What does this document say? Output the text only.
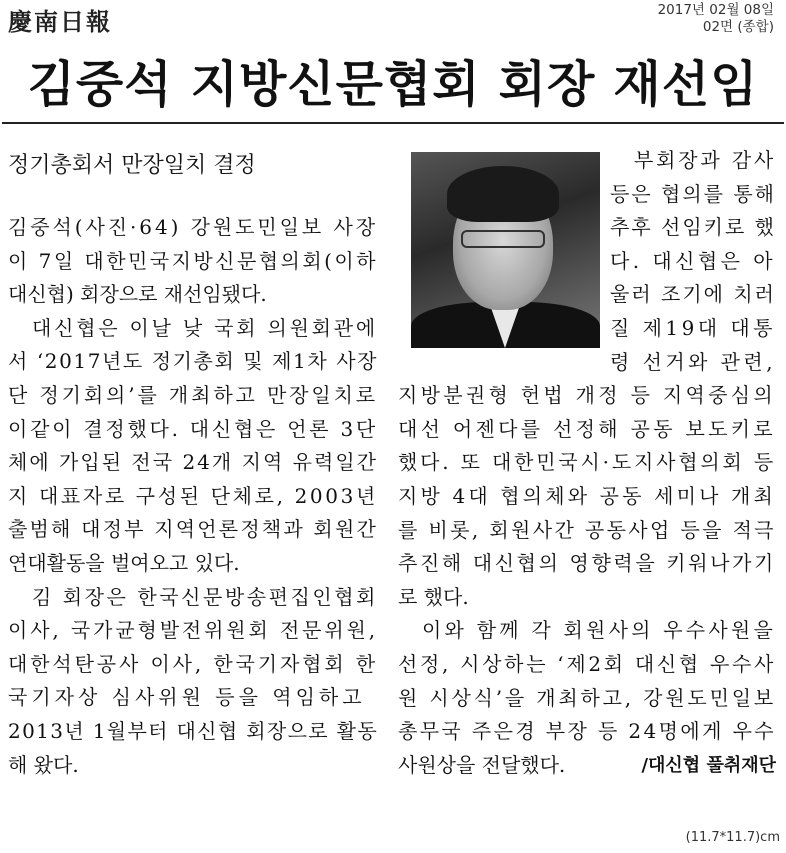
慶南日報	2017년 02월 08일
02면 (종합)
김중석 지방신문협회 회장 재선임
정기총회서 만장일치 결정
김중석(사진·64) 강원도민일보 사장
이 7일 대한민국지방신문협의회(이하
대신협) 회장으로 재선임됐다.
대신협은 이날 낮 국회 의원회관에
서 ‘2017년도 정기총회 및 제1차 사장
단 정기회의’를 개최하고 만장일치로
이같이 결정했다. 대신협은 언론 3단
체에 가입된 전국 24개 지역 유력일간
지 대표자로 구성된 단체로, 2003년
출범해 대정부 지역언론정책과 회원간
연대활동을 벌여오고 있다.
김 회장은 한국신문방송편집인협회
이사, 국가균형발전위원회 전문위원,
대한석탄공사 이사, 한국기자협회 한
국기자상 심사위원 등을 역임하고
2013년 1월부터 대신협 회장으로 활동
해 왔다.
부회장과 감사
등은 협의를 통해
추후 선임키로 했
다. 대신협은 아
울러 조기에 치러
질 제19대 대통
령 선거와 관련,
지방분권형 헌법 개정 등 지역중심의
대선 어젠다를 선정해 공동 보도키로
했다. 또 대한민국시·도지사협의회 등
지방 4대 협의체와 공동 세미나 개최
를 비롯, 회원사간 공동사업 등을 적극
추진해 대신협의 영향력을 키워나가기
로 했다.
이와 함께 각 회원사의 우수사원을
선정, 시상하는 ‘제2회 대신협 우수사
원 시상식’을 개최하고, 강원도민일보
총무국 주은경 부장 등 24명에게 우수
사원상을 전달했다.	/대신협 풀취재단
(11.7*11.7)cm
